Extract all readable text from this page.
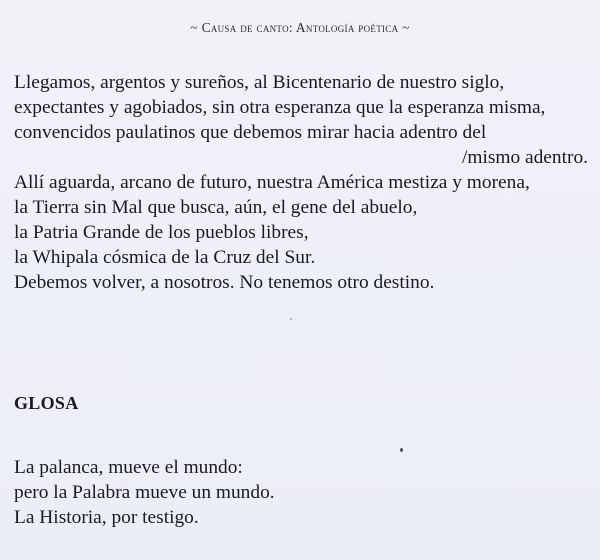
~ Causa de canto: Antología poética ~
Llegamos, argentos y sureños, al Bicentenario de nuestro siglo,
expectantes y agobiados, sin otra esperanza que la esperanza misma,
convencidos paulatinos que debemos mirar hacia adentro del
/mismo adentro.
Allí aguarda, arcano de futuro, nuestra América mestiza y morena,
la Tierra sin Mal que busca, aún, el gene del abuelo,
la Patria Grande de los pueblos libres,
la Whipala cósmica de la Cruz del Sur.
Debemos volver, a nosotros. No tenemos otro destino.
GLOSA
La palanca, mueve el mundo:
pero la Palabra mueve un mundo.
La Historia, por testigo.
